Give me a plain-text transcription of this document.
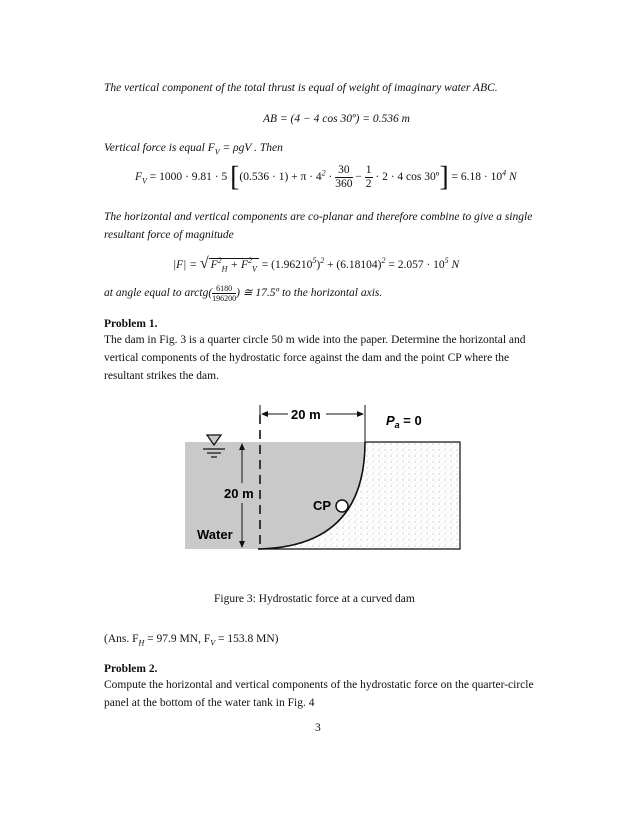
The vertical component of the total thrust is equal of weight of imaginary water ABC.
AB = (4 − 4 cos 30º) = 0.536 m
Vertical force is equal $F_V = \rho gV$ . Then
$F_V = 1000 \cdot 9.81 \cdot 5$ [$(0.536 \cdot 1) + \pi \cdot 4^2 \cdot \frac{30}{360} - \frac{1}{2} \cdot 2 \cdot 4$ cos 30º] = $6.18 \cdot 10^4$ N
The horizontal and vertical components are co-planar and therefore combine to give a single resultant force of magnitude
|F| = √ $F^2_H + F^2_V = (1.96210^5)^2 + (6.18104)^2 = 2.057 \cdot 10^5$ N
at angle equal to arctg( $\frac{6180}{196200}$ ) ≅ 17.5º to the horizontal axis.
Problem 1.
The dam in Fig. 3 is a quarter circle 50 m wide into the paper. Determine the horizontal and vertical components of the hydrostatic force against the dam and the point CP where the resultant strikes the dam.
20 m	$P_a = 0$
20 m
CP
Water
Figure 3: Hydrostatic force at a curved dam
(Ans. $F_H = 97.9$ MN, $F_V = 153.8$ MN)
Problem 2.
Compute the horizontal and vertical components of the hydrostatic force on the quarter-circle panel at the bottom of the water tank in Fig. 4
3
